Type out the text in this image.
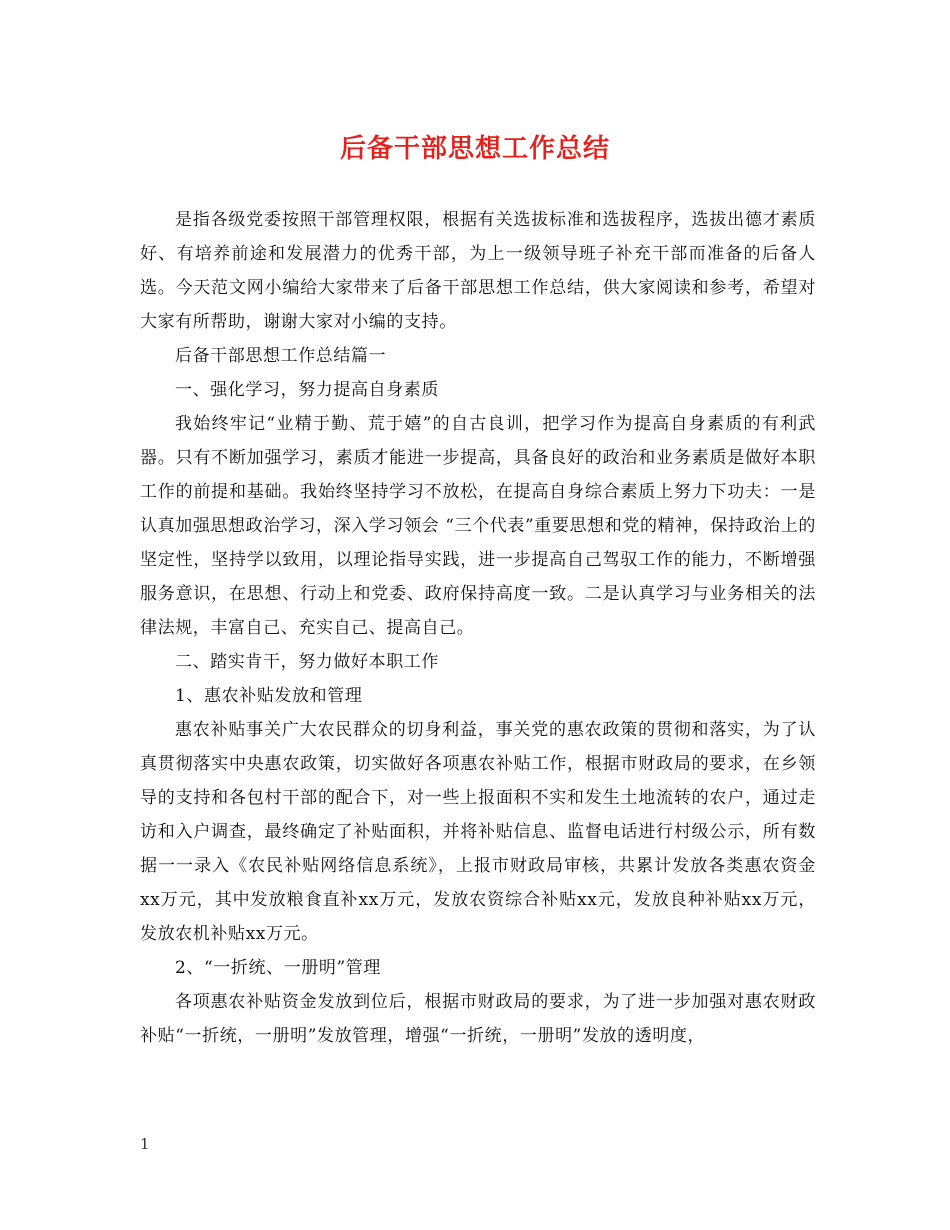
后备干部思想工作总结

是指各级党委按照干部管理权限，根据有关选拔标准和选拔程序，选拔出德才素质好、有培养前途和发展潜力的优秀干部，为上一级领导班子补充干部而准备的后备人选。今天范文网小编给大家带来了后备干部思想工作总结，供大家阅读和参考，希望对大家有所帮助，谢谢大家对小编的支持。

后备干部思想工作总结篇一

一、强化学习，努力提高自身素质

我始终牢记“业精于勤、荒于嬉”的自古良训，把学习作为提高自身素质的有利武器。只有不断加强学习，素质才能进一步提高，具备良好的政治和业务素质是做好本职工作的前提和基础。我始终坚持学习不放松，在提高自身综合素质上努力下功夫：一是认真加强思想政治学习，深入学习领会 “三个代表”重要思想和党的精神，保持政治上的坚定性，坚持学以致用，以理论指导实践，进一步提高自己驾驭工作的能力，不断增强服务意识，在思想、行动上和党委、政府保持高度一致。二是认真学习与业务相关的法律法规，丰富自己、充实自己、提高自己。

二、踏实肯干，努力做好本职工作

1、惠农补贴发放和管理

惠农补贴事关广大农民群众的切身利益，事关党的惠农政策的贯彻和落实，为了认真贯彻落实中央惠农政策，切实做好各项惠农补贴工作，根据市财政局的要求，在乡领导的支持和各包村干部的配合下，对一些上报面积不实和发生土地流转的农户，通过走访和入户调查，最终确定了补贴面积，并将补贴信息、监督电话进行村级公示，所有数据一一录入《农民补贴网络信息系统》，上报市财政局审核，共累计发放各类惠农资金xx万元，其中发放粮食直补xx万元，发放农资综合补贴xx元，发放良种补贴xx万元，发放农机补贴xx万元。

2、“一折统、一册明”管理

各项惠农补贴资金发放到位后，根据市财政局的要求，为了进一步加强对惠农财政补贴“一折统，一册明”发放管理，增强“一折统，一册明”发放的透明度，

1
